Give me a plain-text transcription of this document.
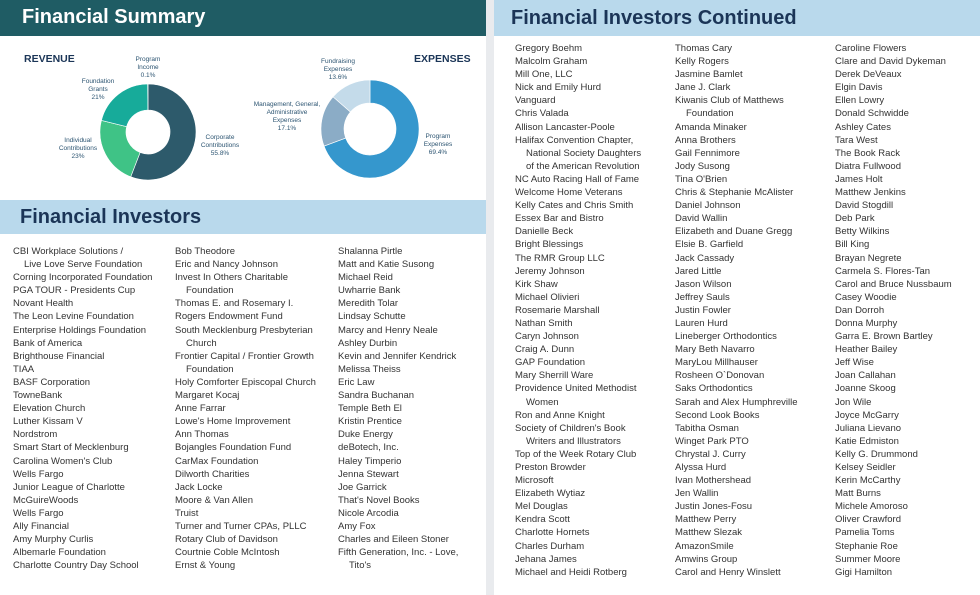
Financial Summary
REVENUE	EXPENSES
Program
Income
0.1%
Foundation
Grants
21%
Individual
Contributions
23%
Corporate
Contributions
55.8%
Fundraising
Expenses
13.6%
Management, General,
Administrative
Expenses
17.1%
Program
Expenses
69.4%
Financial Investors
CBI Workplace Solutions /
Live Love Serve Foundation
Corning Incorporated Foundation
PGA TOUR - Presidents Cup
Novant Health
The Leon Levine Foundation
Enterprise Holdings Foundation
Bank of America
Brighthouse Financial
TIAA
BASF Corporation
TowneBank
Elevation Church
Luther Kissam V
Nordstrom
Smart Start of Mecklenburg
Carolina Women's Club
Wells Fargo
Junior League of Charlotte
McGuireWoods
Wells Fargo
Ally Financial
Amy Murphy Curlis
Albemarle Foundation
Charlotte Country Day School
Bob Theodore
Eric and Nancy Johnson
Invest In Others Charitable
Foundation
Thomas E. and Rosemary I.
Rogers Endowment Fund
South Mecklenburg Presbyterian
Church
Frontier Capital / Frontier Growth
Foundation
Holy Comforter Episcopal Church
Margaret Kocaj
Anne Farrar
Lowe's Home Improvement
Ann Thomas
Bojangles Foundation Fund
CarMax Foundation
Dilworth Charities
Jack Locke
Moore & Van Allen
Truist
Turner and Turner CPAs, PLLC
Rotary Club of Davidson
Courtnie Coble McIntosh
Ernst & Young
Shalanna Pirtle
Matt and Katie Susong
Michael Reid
Uwharrie Bank
Meredith Tolar
Lindsay Schutte
Marcy and Henry Neale
Ashley Durbin
Kevin and Jennifer Kendrick
Melissa Theiss
Eric Law
Sandra Buchanan
Temple Beth El
Kristin Prentice
Duke Energy
deBotech, Inc.
Haley Timperio
Jenna Stewart
Joe Garrick
That's Novel Books
Nicole Arcodia
Amy Fox
Charles and Eileen Stoner
Fifth Generation, Inc. - Love,
Tito's
Financial Investors Continued
Gregory Boehm
Malcolm Graham
Mill One, LLC
Nick and Emily Hurd
Vanguard
Chris Valada
Allison Lancaster-Poole
Halifax Convention Chapter,
National Society Daughters
of the American Revolution
NC Auto Racing Hall of Fame
Welcome Home Veterans
Kelly Cates and Chris Smith
Essex Bar and Bistro
Danielle Beck
Bright Blessings
The RMR Group LLC
Jeremy Johnson
Kirk Shaw
Michael Olivieri
Rosemarie Marshall
Nathan Smith
Caryn Johnson
Craig A. Dunn
GAP Foundation
Mary Sherrill Ware
Providence United Methodist
Women
Ron and Anne Knight
Society of Children's Book
Writers and Illustrators
Top of the Week Rotary Club
Preston Browder
Microsoft
Elizabeth Wytiaz
Mel Douglas
Kendra Scott
Charlotte Hornets
Charles Durham
Jehana James
Michael and Heidi Rotberg
Thomas Cary
Kelly Rogers
Jasmine Bamlet
Jane J. Clark
Kiwanis Club of Matthews
Foundation
Amanda Minaker
Anna Brothers
Gail Fennimore
Jody Susong
Tina O'Brien
Chris & Stephanie McAlister
Daniel Johnson
David Wallin
Elizabeth and Duane Gregg
Elsie B. Garfield
Jack Cassady
Jared Little
Jason Wilson
Jeffrey Sauls
Justin Fowler
Lauren Hurd
Lineberger Orthodontics
Mary Beth Navarro
MaryLou Millhauser
Rosheen O`Donovan
Saks Orthodontics
Sarah and Alex Humphreville
Second Look Books
Tabitha Osman
Winget Park PTO
Chrystal J. Curry
Alyssa Hurd
Ivan Mothershead
Jen Wallin
Justin Jones-Fosu
Matthew Perry
Matthew Slezak
AmazonSmile
Amwins Group
Carol and Henry Winslett
Caroline Flowers
Clare and David Dykeman
Derek DeVeaux
Elgin Davis
Ellen Lowry
Donald Schwidde
Ashley Cates
Tara West
The Book Rack
Diatra Fullwood
James Holt
Matthew Jenkins
David Stogdill
Deb Park
Betty Wilkins
Bill King
Brayan Negrete
Carmela S. Flores-Tan
Carol and Bruce Nussbaum
Casey Woodie
Dan Dorroh
Donna Murphy
Garra E. Brown Bartley
Heather Bailey
Jeff Wise
Joan Callahan
Joanne Skoog
Jon Wile
Joyce McGarry
Juliana Lievano
Katie Edmiston
Kelly G. Drummond
Kelsey Seidler
Kerin McCarthy
Matt Burns
Michele Amoroso
Oliver Crawford
Pamelia Toms
Stephanie Roe
Summer Moore
Gigi Hamilton
